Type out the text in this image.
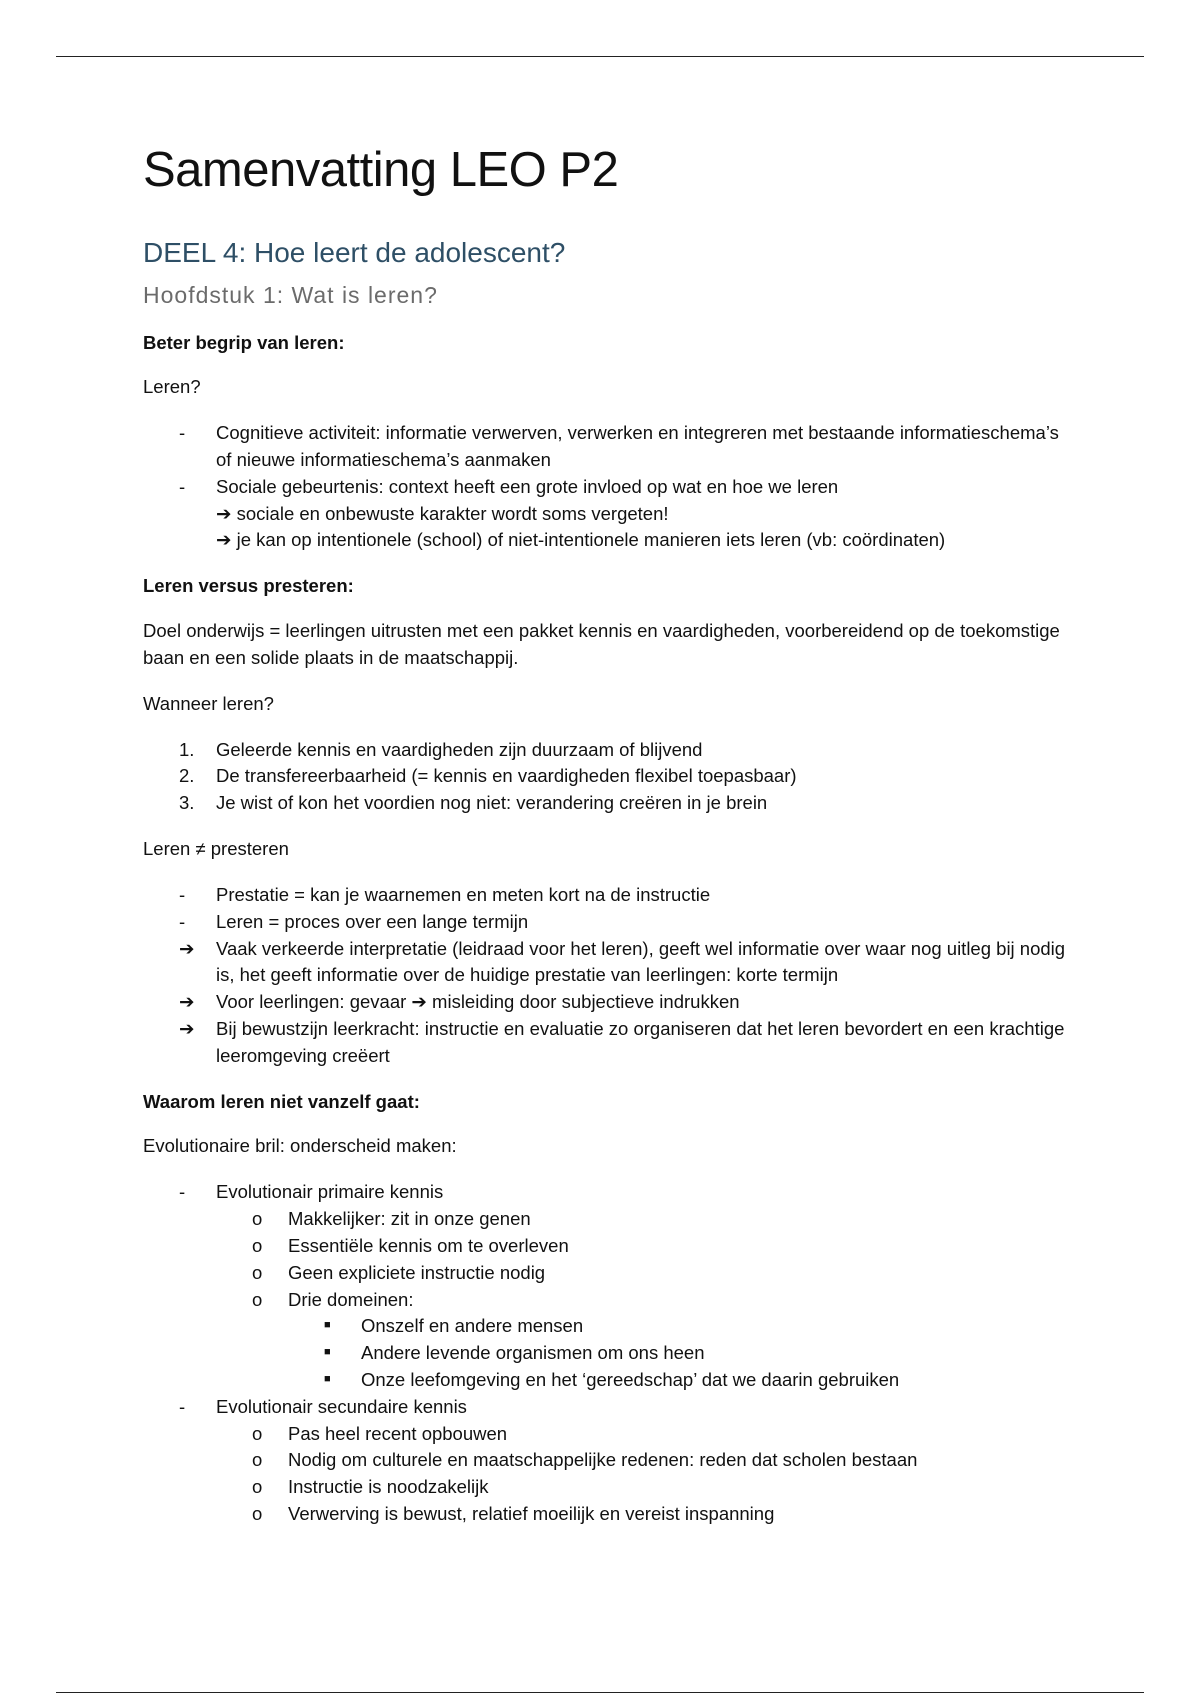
Samenvatting LEO P2
DEEL 4: Hoe leert de adolescent?
Hoofdstuk 1: Wat is leren?
Beter begrip van leren:
Leren?
- Cognitieve activiteit: informatie verwerven, verwerken en integreren met bestaande informatieschema’s of nieuwe informatieschema’s aanmaken
- Sociale gebeurtenis: context heeft een grote invloed op wat en hoe we leren
➔ sociale en onbewuste karakter wordt soms vergeten!
➔ je kan op intentionele (school) of niet-intentionele manieren iets leren (vb: coördinaten)
Leren versus presteren:
Doel onderwijs = leerlingen uitrusten met een pakket kennis en vaardigheden, voorbereidend op de toekomstige baan en een solide plaats in de maatschappij.
Wanneer leren?
1. Geleerde kennis en vaardigheden zijn duurzaam of blijvend
2. De transfereerbaarheid (= kennis en vaardigheden flexibel toepasbaar)
3. Je wist of kon het voordien nog niet: verandering creëren in je brein
Leren ≠ presteren
- Prestatie = kan je waarnemen en meten kort na de instructie
- Leren = proces over een lange termijn
➔ Vaak verkeerde interpretatie (leidraad voor het leren), geeft wel informatie over waar nog uitleg bij nodig is, het geeft informatie over de huidige prestatie van leerlingen: korte termijn
➔ Voor leerlingen: gevaar ➔ misleiding door subjectieve indrukken
➔ Bij bewustzijn leerkracht: instructie en evaluatie zo organiseren dat het leren bevordert en een krachtige leeromgeving creëert
Waarom leren niet vanzelf gaat:
Evolutionaire bril: onderscheid maken:
- Evolutionair primaire kennis
o Makkelijker: zit in onze genen
o Essentiële kennis om te overleven
o Geen expliciete instructie nodig
o Drie domeinen:
■ Onszelf en andere mensen
■ Andere levende organismen om ons heen
■ Onze leefomgeving en het ‘gereedschap’ dat we daarin gebruiken
- Evolutionair secundaire kennis
o Pas heel recent opbouwen
o Nodig om culturele en maatschappelijke redenen: reden dat scholen bestaan
o Instructie is noodzakelijk
o Verwerving is bewust, relatief moeilijk en vereist inspanning
